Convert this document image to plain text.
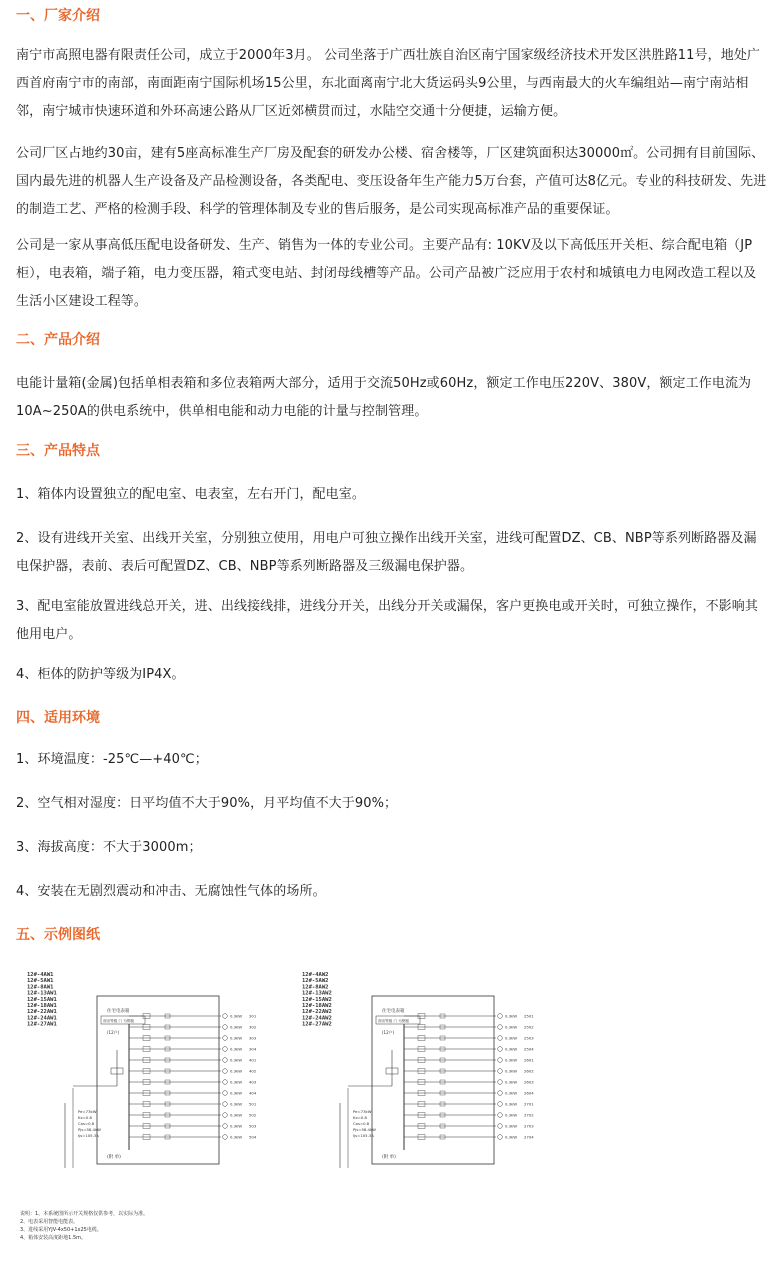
一、厂家介绍

南宁市高照电器有限责任公司，成立于2000年3月。 公司坐落于广西壮族自治区南宁国家级经济技术开发区洪胜路11号，地处广西首府南宁市的南部，南面距南宁国际机场15公里，东北面离南宁北大货运码头9公里，与西南最大的火车编组站—南宁南站相邻，南宁城市快速环道和外环高速公路从厂区近郊横贯而过，水陆空交通十分便捷，运输方便。

公司厂区占地约30亩，建有5座高标准生产厂房及配套的研发办公楼、宿舍楼等，厂区建筑面积达30000㎡。公司拥有目前国际、国内最先进的机器人生产设备及产品检测设备，各类配电、变压设备年生产能力5万台套，产值可达8亿元。专业的科技研发、先进的制造工艺、严格的检测手段、科学的管理体制及专业的售后服务，是公司实现高标准产品的重要保证。

公司是一家从事高低压配电设备研发、生产、销售为一体的专业公司。主要产品有: 10KV及以下高低压开关柜、综合配电箱（JP柜），电表箱，端子箱，电力变压器，箱式变电站、封闭母线槽等产品。公司产品被广泛应用于农村和城镇电力电网改造工程以及生活小区建设工程等。

二、产品介绍

电能计量箱(金属)包括单相表箱和多位表箱两大部分，适用于交流50Hz或60Hz，额定工作电压220V、380V，额定工作电流为10A~250A的供电系统中，供单相电能和动力电能的计量与控制管理。

三、产品特点

1、箱体内设置独立的配电室、电表室，左右开门，配电室。

2、设有进线开关室、出线开关室，分别独立使用，用电户可独立操作出线开关室，进线可配置DZ、CB、NBP等系列断路器及漏电保护器，表前、表后可配置DZ、CB、NBP等系列断路器及三级漏电保护器。

3、配电室能放置进线总开关，进、出线接线排，进线分开关，出线分开关或漏保，客户更换电或开关时，可独立操作，不影响其他用电户。

4、柜体的防护等级为IP4X。

四、适用环境

1、环境温度：-25℃—+40℃；

2、空气相对湿度：日平均值不大于90%，月平均值不大于90%；

3、海拔高度：不大于3000m；

4、安装在无剧烈震动和冲击、无腐蚀性气体的场所。

五、示例图纸
12#-4AW1
12#-5AW1
12#-8AW1
12#-13AW1
12#-15AW1
12#-18AW1
12#-22AW1
12#-24AW1
12#-27AW1
住宅电表箱
面出等级 门 为钢板
(12户)
Pe=73kW
Kx=0.8
Cos=0.8
Pjs=58.4kW
Ijs=105.3A
(附 单)
0.3kW 301
0.3kW 302
0.3kW 303
0.3kW 304
0.3kW 401
0.3kW 402
0.3kW 403
0.3kW 404
0.3kW 501
0.3kW 502
0.3kW 503
0.3kW 504
12#-4AW2
12#-5AW2
12#-8AW2
12#-13AW2
12#-15AW2
12#-18AW2
12#-22AW2
12#-24AW2
12#-27AW2
住宅电表箱
面出等级 门 为钢板
(12户)
Pe=73kW
Kx=0.8
Cos=0.8
Pjs=58.4kW
Ijs=105.3A
(附 单)
0.3kW 2501
0.3kW 2502
0.3kW 2503
0.3kW 2504
0.3kW 2601
0.3kW 2602
0.3kW 2603
0.3kW 2604
0.3kW 2701
0.3kW 2702
0.3kW 2703
0.3kW 2704
说明：1、本系统图所示开关规格仅供参考，以实际为准。
2、电表采用智能电能表。
3、进线采用YJV-4x50+1x25电缆。
4、箱体安装高度距地1.5m。
